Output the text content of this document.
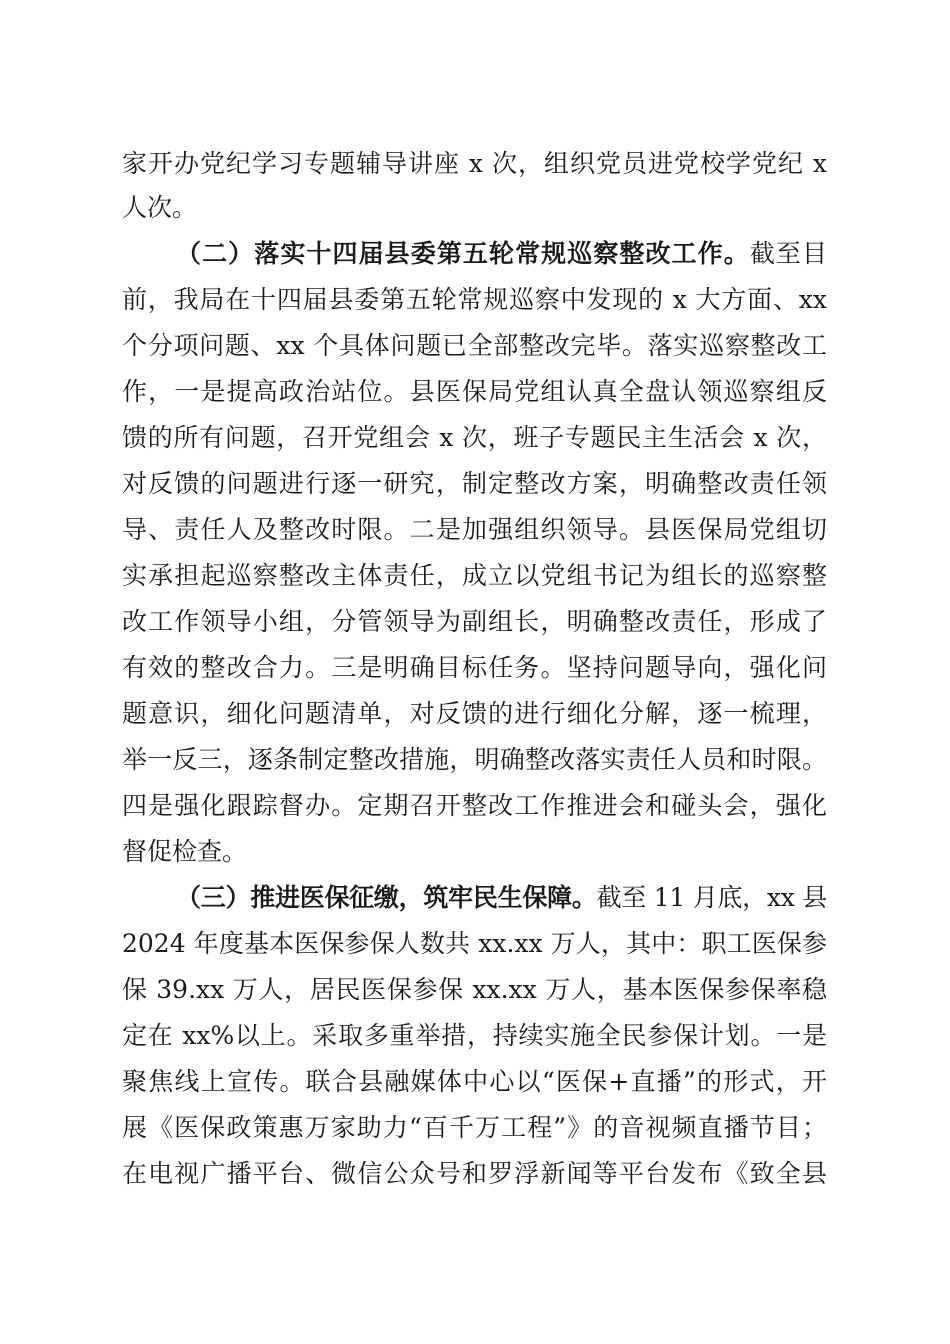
家开办党纪学习专题辅导讲座 x 次，组织党员进党校学党纪 x
人次。
（二）落实十四届县委第五轮常规巡察整改工作。截至目
前，我局在十四届县委第五轮常规巡察中发现的 x 大方面、xx
个分项问题、xx 个具体问题已全部整改完毕。落实巡察整改工
作，一是提高政治站位。县医保局党组认真全盘认领巡察组反
馈的所有问题，召开党组会 x 次，班子专题民主生活会 x 次，
对反馈的问题进行逐一研究，制定整改方案，明确整改责任领
导、责任人及整改时限。二是加强组织领导。县医保局党组切
实承担起巡察整改主体责任，成立以党组书记为组长的巡察整
改工作领导小组，分管领导为副组长，明确整改责任，形成了
有效的整改合力。三是明确目标任务。坚持问题导向，强化问
题意识，细化问题清单，对反馈的进行细化分解，逐一梳理，
举一反三，逐条制定整改措施，明确整改落实责任人员和时限。
四是强化跟踪督办。定期召开整改工作推进会和碰头会，强化
督促检查。
（三）推进医保征缴，筑牢民生保障。截至 11 月底，xx 县
2024 年度基本医保参保人数共 xx.xx 万人，其中：职工医保参
保 39.xx 万人，居民医保参保 xx.xx 万人，基本医保参保率稳
定在 xx%以上。采取多重举措，持续实施全民参保计划。一是
聚焦线上宣传。联合县融媒体中心以“医保+直播”的形式，开
展《医保政策惠万家助力“百千万工程”》的音视频直播节目；
在电视广播平台、微信公众号和罗浮新闻等平台发布《致全县
